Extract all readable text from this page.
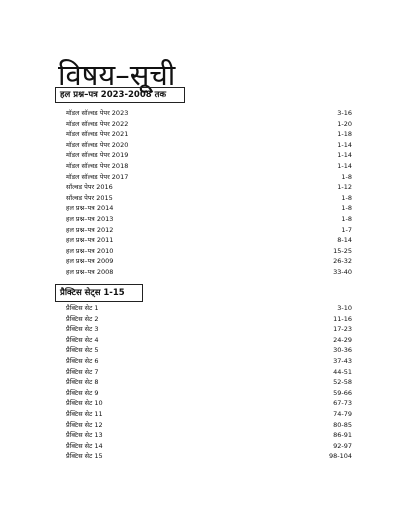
विषय–सूची
हल प्रश्न–पत्र 2023-2008 तक
मॉडल सॉल्वड पेपर 2023	3-16
मॉडल सॉल्वड पेपर 2022	1-20
मॉडल सॉल्वड पेपर 2021	1-18
मॉडल सॉल्वड पेपर 2020	1-14
मॉडल सॉल्वड पेपर 2019	1-14
मॉडल सॉल्वड पेपर 2018	1-14
मॉडल सॉल्वड पेपर 2017	1-8
सॉल्वड पेपर 2016	1-12
सॉल्वड पेपर 2015	1-8
हल प्रश्न–पत्र 2014	1-8
हल प्रश्न–पत्र 2013	1-8
हल प्रश्न–पत्र 2012	1-7
हल प्रश्न–पत्र 2011	8-14
हल प्रश्न–पत्र 2010	15-25
हल प्रश्न–पत्र 2009	26-32
हल प्रश्न–पत्र 2008	33-40
प्रैक्टिस सेट्स 1-15
प्रैक्टिस सेट 1	3-10
प्रैक्टिस सेट 2	11-16
प्रैक्टिस सेट 3	17-23
प्रैक्टिस सेट 4	24-29
प्रैक्टिस सेट 5	30-36
प्रैक्टिस सेट 6	37-43
प्रैक्टिस सेट 7	44-51
प्रैक्टिस सेट 8	52-58
प्रैक्टिस सेट 9	59-66
प्रैक्टिस सेट 10	67-73
प्रैक्टिस सेट 11	74-79
प्रैक्टिस सेट 12	80-85
प्रैक्टिस सेट 13	86-91
प्रैक्टिस सेट 14	92-97
प्रैक्टिस सेट 15	98-104
